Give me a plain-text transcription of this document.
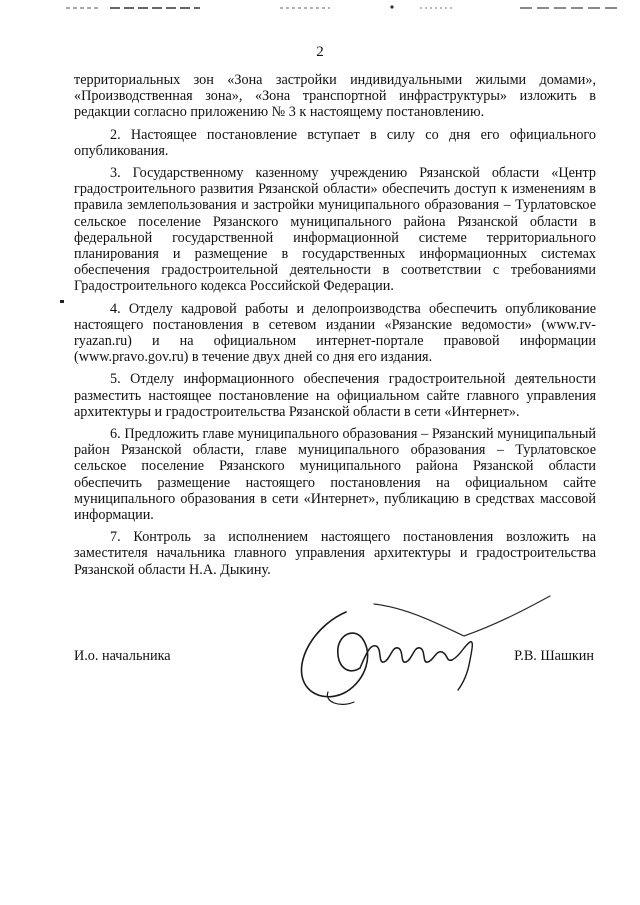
2

территориальных зон «Зона застройки индивидуальными жилыми домами», «Производственная зона», «Зона транспортной инфраструктуры» изложить в редакции согласно приложению № 3 к настоящему постановлению.

2. Настоящее постановление вступает в силу со дня его официального опубликования.

3. Государственному казенному учреждению Рязанской области «Центр градостроительного развития Рязанской области» обеспечить доступ к изменениям в правила землепользования и застройки муниципального образования – Турлатовское сельское поселение Рязанского муниципального района Рязанской области в федеральной государственной информационной системе территориального планирования и размещение в государственных информационных системах обеспечения градостроительной деятельности в соответствии с требованиями Градостроительного кодекса Российской Федерации.

4. Отделу кадровой работы и делопроизводства обеспечить опубликование настоящего постановления в сетевом издании «Рязанские ведомости» (www.rv-ryazan.ru) и на официальном интернет-портале правовой информации (www.pravo.gov.ru) в течение двух дней со дня его издания.

5. Отделу информационного обеспечения градостроительной деятельности разместить настоящее постановление на официальном сайте главного управления архитектуры и градостроительства Рязанской области в сети «Интернет».

6. Предложить главе муниципального образования – Рязанский муниципальный район Рязанской области, главе муниципального образования – Турлатовское сельское поселение Рязанского муниципального района Рязанской области обеспечить размещение настоящего постановления на официальном сайте муниципального образования в сети «Интернет», публикацию в средствах массовой информации.

7. Контроль за исполнением настоящего постановления возложить на заместителя начальника главного управления архитектуры и градостроительства Рязанской области Н.А. Дыкину.

И.о. начальника	Р.В. Шашкин
